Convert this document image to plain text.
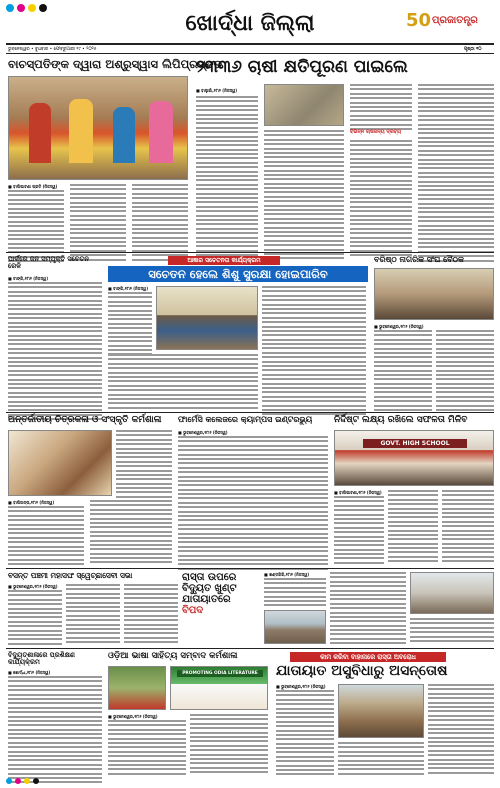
ଖୋର୍ଦ୍ଧା ଜିଲ୍ଲା	50 ପ୍ରଜାତନ୍ତ୍ର
ଭୁବନେଶ୍ୱର • ବୁଧବାର • ଫେବ୍ରୁଆରୀ ୧୯ • ୨୦୨୫	ପୃଷ୍ଠା ୧୦
ବାଚସ୍ପତିଙ୍କ ଦ୍ୱାରା ଅଶ୍ରୁସ୍ୱାସ ଲିପିପ୍ରସ୍ତର
■ ବାଲିପାଟଣା ପ୍ରତି (ନିଜସ୍ୱ)
୨୩୩୬ ଚାଷୀ କ୍ଷତିପୂରଣ ପାଇଲେ
■ ବାଲୁଗାଁ,୧୮ା୨ (ନିଜସ୍ୱ)
ବିଭିନ୍ନ ଚାଷଜନ୍ୟ ଦ୍ରବ୍ୟ
ପାର୍କରେ ଜନ ସମ୍ପୃକ୍ତି ସଚେତନ ରେଳି
■ ଟାଙ୍ଗି,୧୮ା୨ (ନିଜସ୍ୱ)
ଆଜ୍ଞାର ସଚେତନତା କାର୍ଯ୍ୟକ୍ରମ
ସଚେତନ ହେଲେ ଶିଶୁ ସୁରକ୍ଷା ହୋଇପାରିବ
■ ଟାଙ୍ଗି,୧୮ା୨ (ନିଜସ୍ୱ)
ବରିଷ୍ଠ ନାଗରିକ ସଂଘ ବୈଠକ
■ ଭୁବନେଶ୍ୱର,୧୮ା୨ (ନିଜସ୍ୱ)
ଅନ୍ତର୍ଜାତୀୟ ଚିତ୍ରକଳା ଓ ସଂସ୍କୃତି କର୍ମଶାଳା
■ ବାଲିଅନ୍ତା,୧୮ା୨ (ନିଜସ୍ୱ)
ଫାର୍ମେସି କଲେଜରେ କ୍ୟାମ୍ପସ ଇଣ୍ଟରଭ୍ୟୁ
■ ଭୁବନେଶ୍ୱର,୧୮ା୨ (ନିଜସ୍ୱ)
ନିର୍ଦ୍ଦିଷ୍ଟ ଲକ୍ଷ୍ୟ ରଖିଲେ ସଫଳତା ମିଳିବ
GOVT. HIGH SCHOOL
■ ବାଲିପାଟଣା,୧୮ା୨ (ନିଜସ୍ୱ)
ବସନ୍ତ ପଞ୍ଚମୀ ମହାସଙ୍ଘ ସ୍ୱେଚ୍ଛାସେବୀ ସଭା
■ ଭୁବନେଶ୍ୱର,୧୮ା୨ (ନିଜସ୍ୱ)
ରାସ୍ତା ଉପରେ
ବିଦ୍ୟୁତ ଖୁଣ୍ଟ
ଯାତାୟାତରେ
ବିପଦ
■ ଖଣ୍ଡଗିରି,୧୮ା୨ (ନିଜସ୍ୱ)
ବିଦ୍ୟୁତ୍‌ଶାଳାରେ ପ୍ରଶିକ୍ଷଣ କାର୍ଯ୍ୟକ୍ରମ
■ ଖୋର୍ଦ୍ଧା,୧୮ା୨ (ନିଜସ୍ୱ)
ଓଡ଼ିଆ ଭାଷା ସାହିତ୍ୟ ସମ୍ବାଦ କର୍ମଶାଳା
PROMOTING ODIA LITERATURE
■ ଭୁବନେଶ୍ୱର,୧୮ା୨ (ନିଜସ୍ୱ)
କାମ କରିବା ବାହାନାରେ ରାସ୍ତା ଅବରୋଧ
ଯାତାୟାତ ଅସୁବିଧାରୁ ଅସନ୍ତୋଷ
■ ଭୁବନେଶ୍ୱର,୧୮ା୨ (ନିଜସ୍ୱ)
